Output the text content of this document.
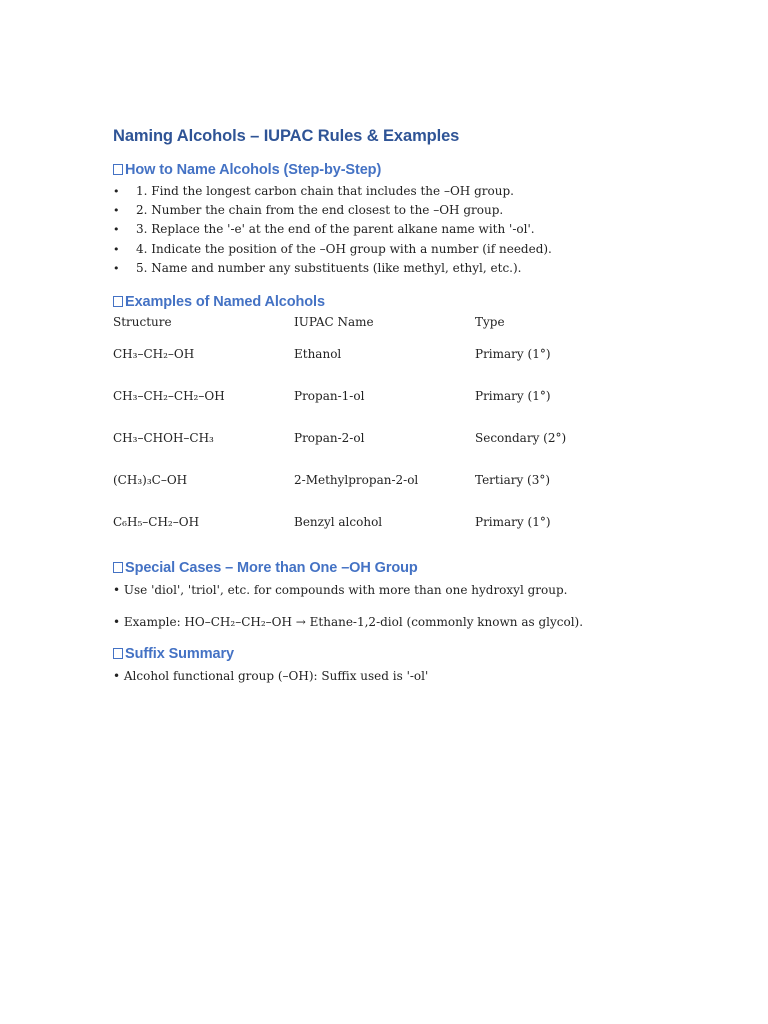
Naming Alcohols – IUPAC Rules & Examples
How to Name Alcohols (Step-by-Step)
• 1. Find the longest carbon chain that includes the –OH group.
• 2. Number the chain from the end closest to the –OH group.
• 3. Replace the '-e' at the end of the parent alkane name with '-ol'.
• 4. Indicate the position of the –OH group with a number (if needed).
• 5. Name and number any substituents (like methyl, ethyl, etc.).
Examples of Named Alcohols
Structure	IUPAC Name	Type
CH₃–CH₂–OH	Ethanol	Primary (1°)
CH₃–CH₂–CH₂–OH	Propan-1-ol	Primary (1°)
CH₃–CHOH–CH₃	Propan-2-ol	Secondary (2°)
(CH₃)₃C–OH	2-Methylpropan-2-ol	Tertiary (3°)
C₆H₅–CH₂–OH	Benzyl alcohol	Primary (1°)
Special Cases – More than One –OH Group

• Use 'diol', 'triol', etc. for compounds with more than one hydroxyl group.

• Example: HO–CH₂–CH₂–OH → Ethane-1,2-diol (commonly known as glycol).

Suffix Summary

• Alcohol functional group (–OH): Suffix used is '-ol'
